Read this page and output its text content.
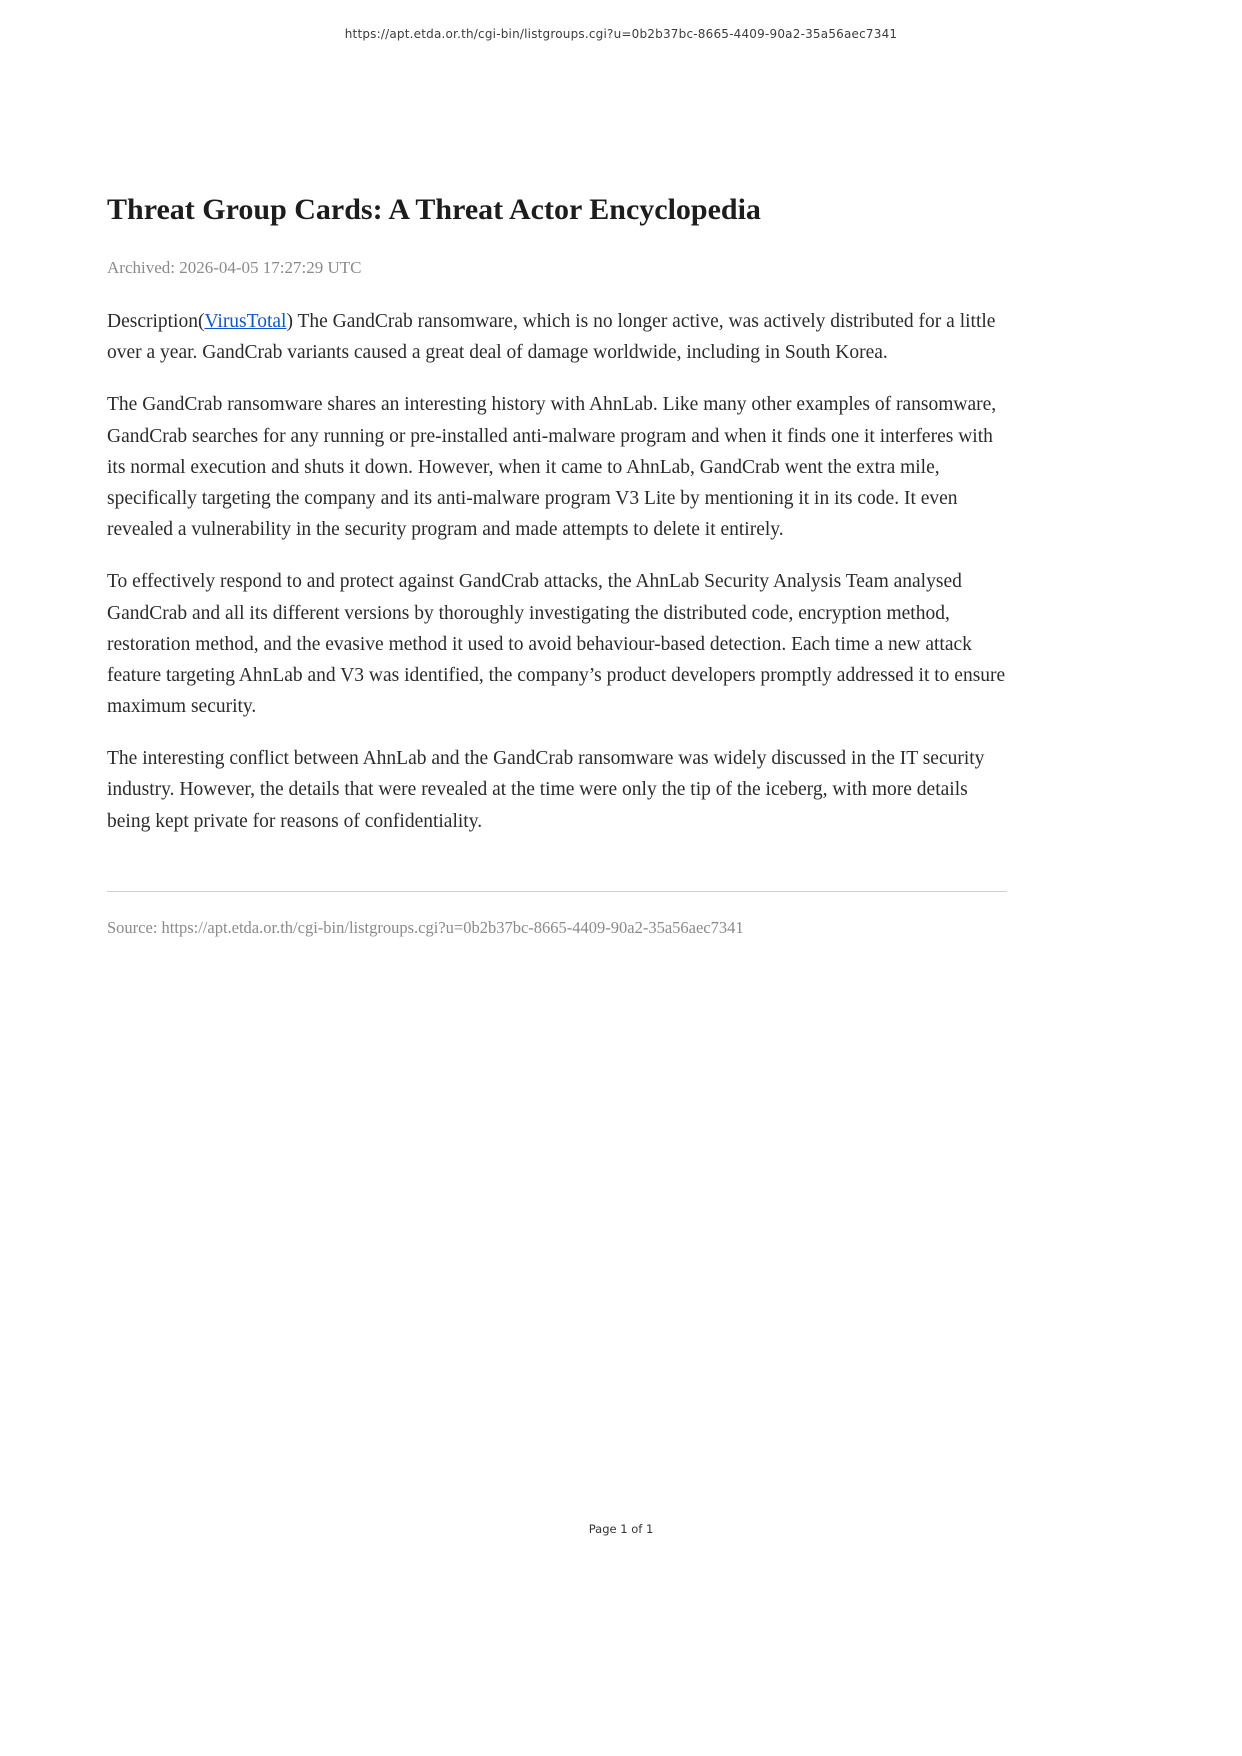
https://apt.etda.or.th/cgi-bin/listgroups.cgi?u=0b2b37bc-8665-4409-90a2-35a56aec7341
Threat Group Cards: A Threat Actor Encyclopedia
Archived: 2026-04-05 17:27:29 UTC

Description(VirusTotal) The GandCrab ransomware, which is no longer active, was actively distributed for a little over a year. GandCrab variants caused a great deal of damage worldwide, including in South Korea.

The GandCrab ransomware shares an interesting history with AhnLab. Like many other examples of ransomware, GandCrab searches for any running or pre-installed anti-malware program and when it finds one it interferes with its normal execution and shuts it down. However, when it came to AhnLab, GandCrab went the extra mile, specifically targeting the company and its anti-malware program V3 Lite by mentioning it in its code. It even revealed a vulnerability in the security program and made attempts to delete it entirely.

To effectively respond to and protect against GandCrab attacks, the AhnLab Security Analysis Team analysed GandCrab and all its different versions by thoroughly investigating the distributed code, encryption method, restoration method, and the evasive method it used to avoid behaviour-based detection. Each time a new attack feature targeting AhnLab and V3 was identified, the company’s product developers promptly addressed it to ensure maximum security.

The interesting conflict between AhnLab and the GandCrab ransomware was widely discussed in the IT security industry. However, the details that were revealed at the time were only the tip of the iceberg, with more details being kept private for reasons of confidentiality.

Source: https://apt.etda.or.th/cgi-bin/listgroups.cgi?u=0b2b37bc-8665-4409-90a2-35a56aec7341
Page 1 of 1
